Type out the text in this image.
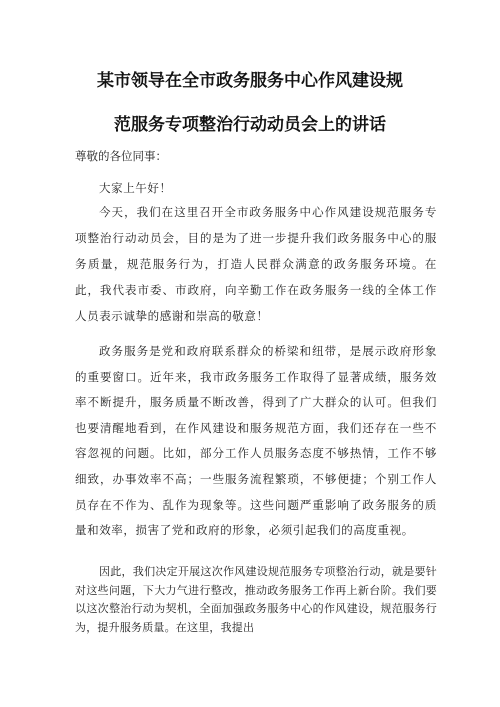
某市领导在全市政务服务中心作风建设规
范服务专项整治行动动员会上的讲话
尊敬的各位同事：
大家上午好！
今天，我们在这里召开全市政务服务中心作风建设规范服务专项整治行动动员会，目的是为了进一步提升我们政务服务中心的服务质量，规范服务行为，打造人民群众满意的政务服务环境。在此，我代表市委、市政府，向辛勤工作在政务服务一线的全体工作人员表示诚挚的感谢和崇高的敬意！
政务服务是党和政府联系群众的桥梁和纽带，是展示政府形象的重要窗口。近年来，我市政务服务工作取得了显著成绩，服务效率不断提升，服务质量不断改善，得到了广大群众的认可。但我们也要清醒地看到，在作风建设和服务规范方面，我们还存在一些不容忽视的问题。比如，部分工作人员服务态度不够热情，工作不够细致，办事效率不高；一些服务流程繁琐，不够便捷；个别工作人员存在不作为、乱作为现象等。这些问题严重影响了政务服务的质量和效率，损害了党和政府的形象，必须引起我们的高度重视。
因此，我们决定开展这次作风建设规范服务专项整治行动，就是要针对这些问题，下大力气进行整改，推动政务服务工作再上新台阶。我们要以这次整治行动为契机，全面加强政务服务中心的作风建设，规范服务行为，提升服务质量。在这里，我提出
